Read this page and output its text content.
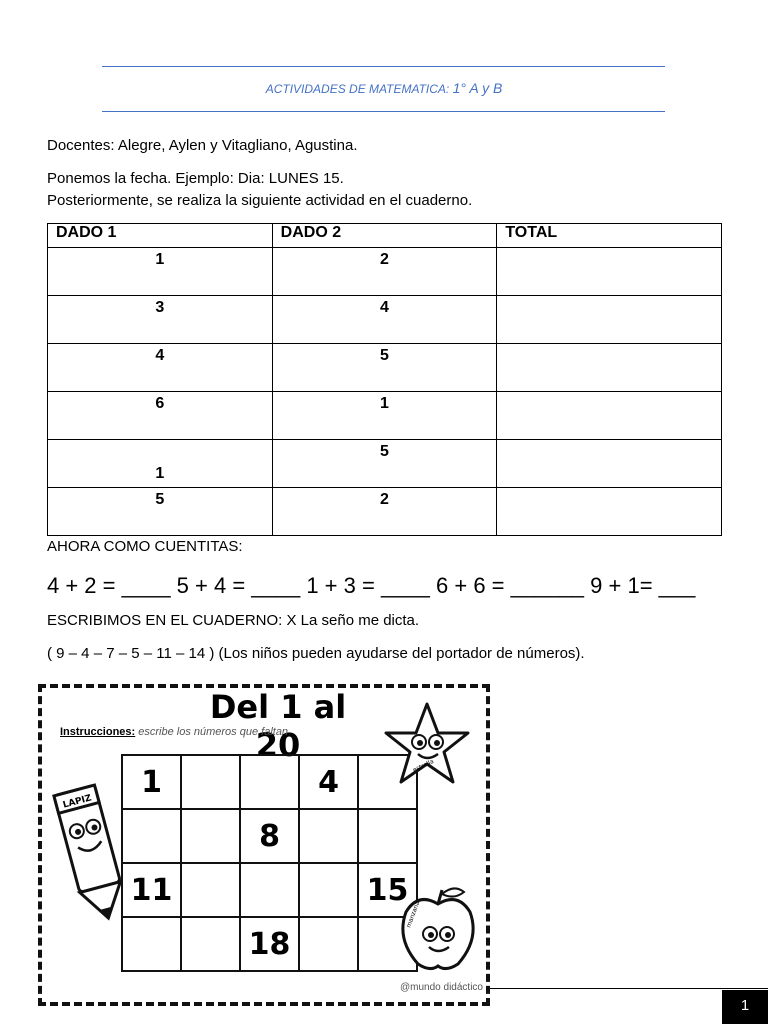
ACTIVIDADES DE MATEMATICA: 1° A y B
Docentes: Alegre, Aylen y Vitagliano, Agustina.
Ponemos la fecha. Ejemplo: Dia: LUNES 15.
Posteriormente, se realiza la siguiente actividad en el cuaderno.
DADO 1	DADO 2	TOTAL

1	2	

3	4	

4	5	

6	1	

1	5	

5	2	

AHORA COMO CUENTITAS:
4 + 2 = ____ 5 + 4 = ____ 1 + 3 = ____ 6 + 6 = ______ 9 + 1= ___
ESCRIBIMOS EN EL CUADERNO: X La seño me dicta.
( 9 – 4 – 7 – 5 – 11 – 14 ) (Los niños pueden ayudarse del portador de números).
Del 1 al 20
Instrucciones: escribe los números que faltan
LAPIZ
1			4	
		8		
11				15
		18		
estrella
manzana
@mundo didáctico
1
